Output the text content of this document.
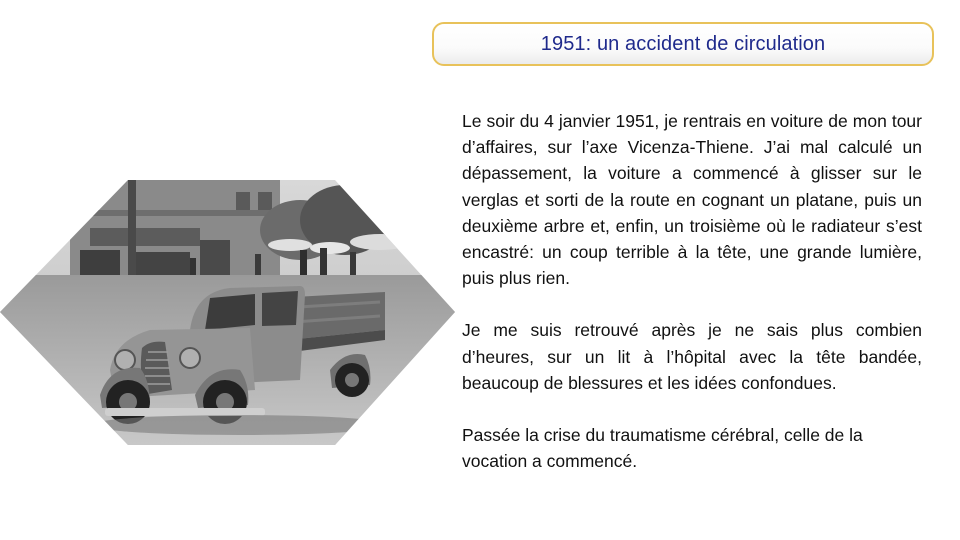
1951: un accident de circulation

Le soir du 4 janvier 1951, je rentrais en voiture de mon tour d’affaires, sur l’axe Vicenza-Thiene. J’ai mal calculé un dépassement, la voiture a commencé à glisser sur le verglas et sorti de la route en cognant un platane, puis un deuxième arbre et, enfin, un troisième où le radiateur s’est encastré: un coup terrible à la tête, une grande lumière, puis plus rien.

Je me suis retrouvé après je ne sais plus combien d’heures, sur un lit à l’hôpital avec la tête bandée, beaucoup de blessures et les idées confondues.

Passée la crise du traumatisme cérébral, celle de la vocation a commencé.
